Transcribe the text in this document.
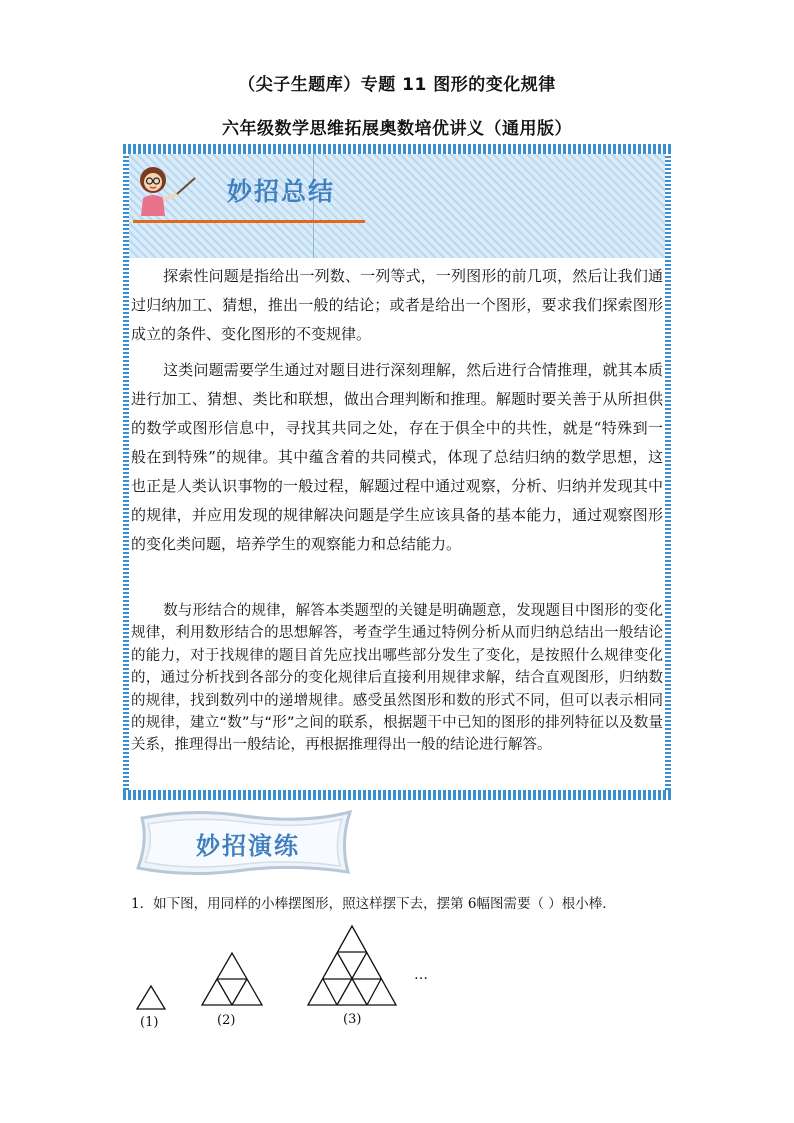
（尖子生题库）专题 11 图形的变化规律
六年级数学思维拓展奥数培优讲义（通用版）
妙招总结
探索性问题是指给出一列数、一列等式，一列图形的前几项，然后让我们通过归纳加工、猜想，推出一般的结论；或者是给出一个图形，要求我们探索图形成立的条件、变化图形的不变规律。
这类问题需要学生通过对题目进行深刻理解，然后进行合情推理，就其本质进行加工、猜想、类比和联想，做出合理判断和推理。解题时要关善于从所担供的数学或图形信息中，寻找其共同之处，存在于俱全中的共性，就是“特殊到一般在到特殊”的规律。其中蕴含着的共同模式，体现了总结归纳的数学思想，这也正是人类认识事物的一般过程，解题过程中通过观察，分析、归纳并发现其中的规律，并应用发现的规律解决问题是学生应该具备的基本能力，通过观察图形的变化类问题，培养学生的观察能力和总结能力。
数与形结合的规律，解答本类题型的关键是明确题意，发现题目中图形的变化规律，利用数形结合的思想解答，考查学生通过特例分析从而归纳总结出一般结论的能力，对于找规律的题目首先应找出哪些部分发生了变化，是按照什么规律变化的，通过分析找到各部分的变化规律后直接利用规律求解，结合直观图形，归纳数的规律，找到数列中的递增规律。感受虽然图形和数的形式不同，但可以表示相同的规律，建立“数”与“形”之间的联系，根据题干中已知的图形的排列特征以及数量关系，推理得出一般结论，再根据推理得出一般的结论进行解答。
妙招演练
1．如下图，用同样的小棒摆图形，照这样摆下去，摆第 6幅图需要（ ）根小棒．
(1)	(2)	(3)
…
